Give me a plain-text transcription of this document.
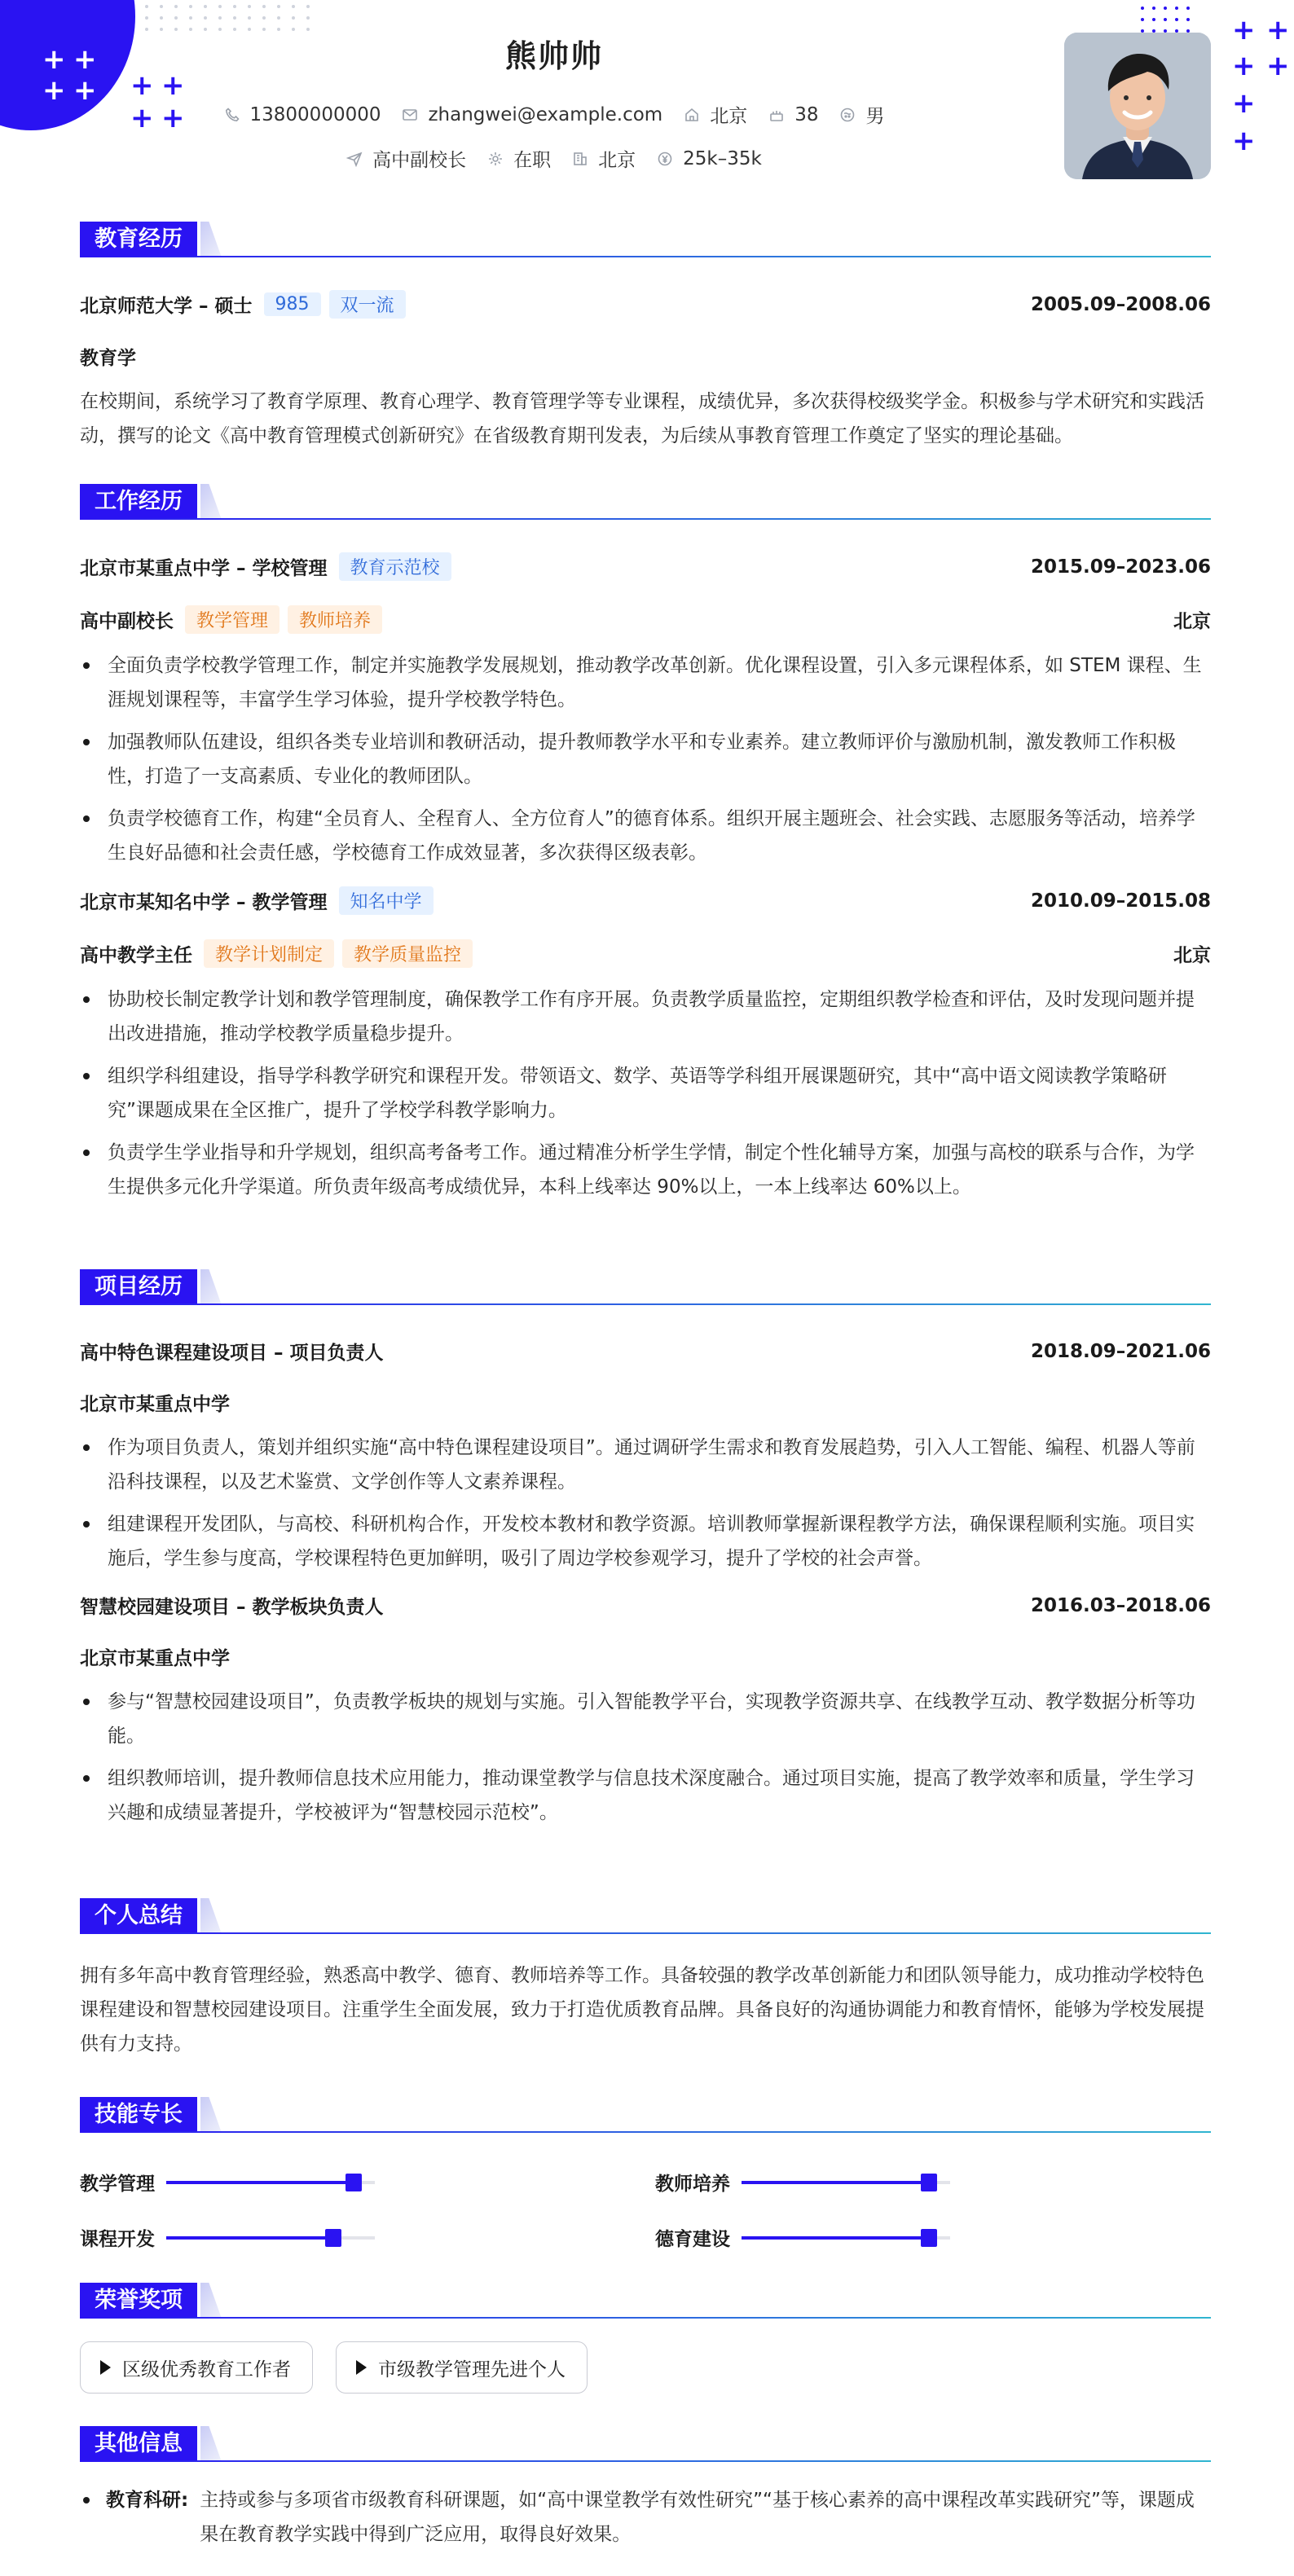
+ +
+ + + +
+ +
+ +
+ +
+
+
熊帅帅
13800000000	zhangwei@example.com	北京	38	男
高中副校长	在职	北京	25k–35k
教育经历
北京师范大学 – 硕士	985	双一流	2005.09–2008.06
教育学
在校期间，系统学习了教育学原理、教育心理学、教育管理学等专业课程，成绩优异，多次获得校级奖学金。积极参与学术研究和实践活动，撰写的论文《高中教育管理模式创新研究》在省级教育期刊发表，为后续从事教育管理工作奠定了坚实的理论基础。
工作经历
北京市某重点中学 – 学校管理	教育示范校	2015.09–2023.06
高中副校长	教学管理	教师培养	北京
全面负责学校教学管理工作，制定并实施教学发展规划，推动教学改革创新。优化课程设置，引入多元课程体系，如 STEM 课程、生涯规划课程等，丰富学生学习体验，提升学校教学特色。
加强教师队伍建设，组织各类专业培训和教研活动，提升教师教学水平和专业素养。建立教师评价与激励机制，激发教师工作积极性，打造了一支高素质、专业化的教师团队。
负责学校德育工作，构建“全员育人、全程育人、全方位育人”的德育体系。组织开展主题班会、社会实践、志愿服务等活动，培养学生良好品德和社会责任感，学校德育工作成效显著，多次获得区级表彰。
北京市某知名中学 – 教学管理	知名中学	2010.09–2015.08
高中教学主任	教学计划制定	教学质量监控	北京
协助校长制定教学计划和教学管理制度，确保教学工作有序开展。负责教学质量监控，定期组织教学检查和评估，及时发现问题并提出改进措施，推动学校教学质量稳步提升。
组织学科组建设，指导学科教学研究和课程开发。带领语文、数学、英语等学科组开展课题研究，其中“高中语文阅读教学策略研究”课题成果在全区推广，提升了学校学科教学影响力。
负责学生学业指导和升学规划，组织高考备考工作。通过精准分析学生学情，制定个性化辅导方案，加强与高校的联系与合作，为学生提供多元化升学渠道。所负责年级高考成绩优异，本科上线率达 90%以上，一本上线率达 60%以上。
项目经历
高中特色课程建设项目 – 项目负责人	2018.09–2021.06
北京市某重点中学
作为项目负责人，策划并组织实施“高中特色课程建设项目”。通过调研学生需求和教育发展趋势，引入人工智能、编程、机器人等前沿科技课程，以及艺术鉴赏、文学创作等人文素养课程。
组建课程开发团队，与高校、科研机构合作，开发校本教材和教学资源。培训教师掌握新课程教学方法，确保课程顺利实施。项目实施后，学生参与度高，学校课程特色更加鲜明，吸引了周边学校参观学习，提升了学校的社会声誉。
智慧校园建设项目 – 教学板块负责人	2016.03–2018.06
北京市某重点中学
参与“智慧校园建设项目”，负责教学板块的规划与实施。引入智能教学平台，实现教学资源共享、在线教学互动、教学数据分析等功能。
组织教师培训，提升教师信息技术应用能力，推动课堂教学与信息技术深度融合。通过项目实施，提高了教学效率和质量，学生学习兴趣和成绩显著提升，学校被评为“智慧校园示范校”。
个人总结
拥有多年高中教育管理经验，熟悉高中教学、德育、教师培养等工作。具备较强的教学改革创新能力和团队领导能力，成功推动学校特色课程建设和智慧校园建设项目。注重学生全面发展，致力于打造优质教育品牌。具备良好的沟通协调能力和教育情怀，能够为学校发展提供有力支持。
技能专长
教学管理	教师培养
课程开发	德育建设
荣誉奖项
区级优秀教育工作者	市级教学管理先进个人
其他信息
教育科研: 主持或参与多项省市级教育科研课题，如“高中课堂教学有效性研究”“基于核心素养的高中课程改革实践研究”等，课题成果在教育教学实践中得到广泛应用，取得良好效果。
